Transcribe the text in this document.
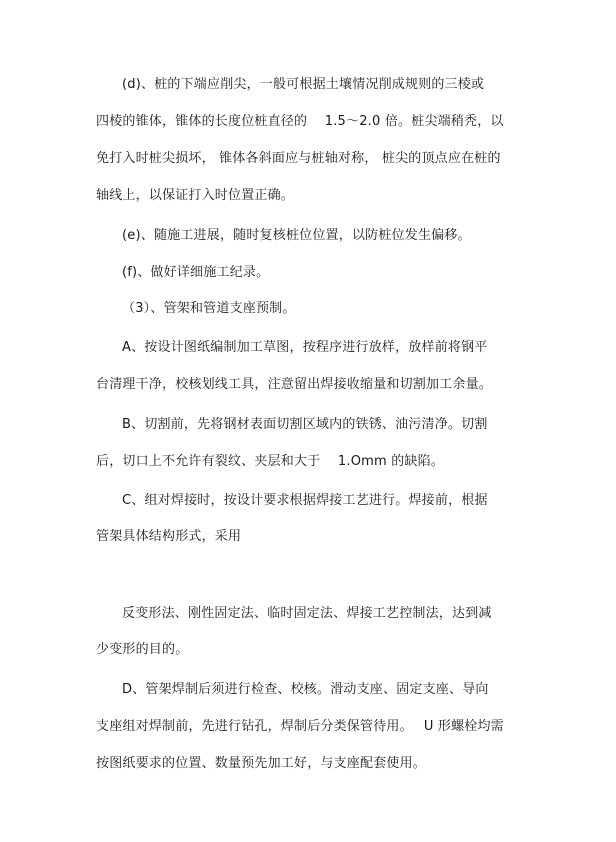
(d)、桩的下端应削尖，一般可根据土壤情况削成规则的三棱或
四棱的锥体，锥体的长度位桩直径的　 1.5～2.0 倍。桩尖端稍秃，以
免打入时桩尖损坏， 锥体各斜面应与桩轴对称， 桩尖的顶点应在桩的
轴线上，以保证打入时位置正确。
(e)、随施工进展，随时复核桩位位置，以防桩位发生偏移。
(f)、做好详细施工纪录。
（3）、管架和管道支座预制。
A、按设计图纸编制加工草图，按程序进行放样，放样前将钢平
台清理干净，校核划线工具，注意留出焊接收缩量和切割加工余量。
B、切割前，先将钢材表面切割区域内的铁锈、油污清净。切割
后，切口上不允许有裂纹、夹层和大于　 1.Omm 的缺陷。
C、组对焊接时，按设计要求根据焊接工艺进行。焊接前，根据
管架具体结构形式，采用
反变形法、刚性固定法、临时固定法、焊接工艺控制法，达到减
少变形的目的。
D、管架焊制后须进行检查、校核。滑动支座、固定支座、导向
支座组对焊制前，先进行钻孔，焊制后分类保管待用。　 U 形螺栓均需
按图纸要求的位置、数量预先加工好，与支座配套使用。
